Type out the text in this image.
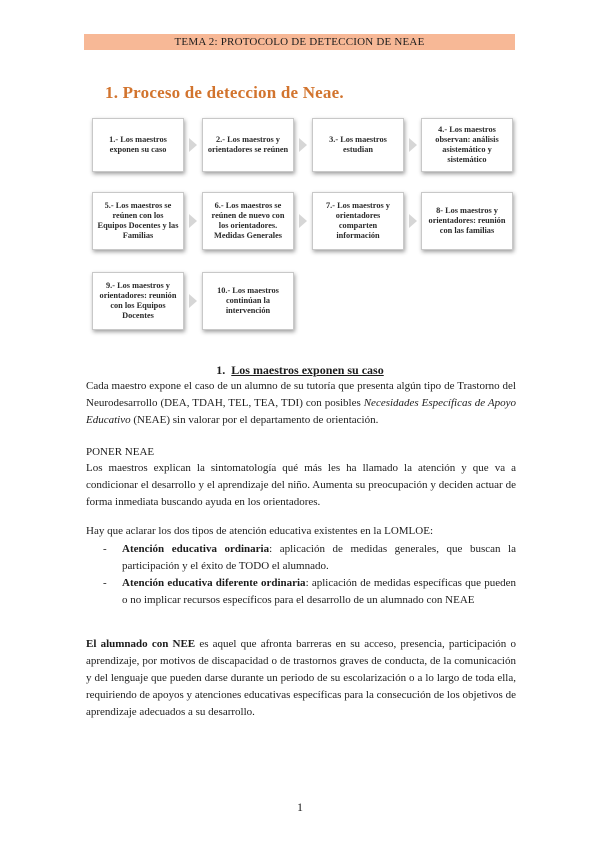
TEMA 2: PROTOCOLO DE DETECCION DE NEAE
1. Proceso de deteccion de Neae.
1.- Los maestros exponen su caso
2.- Los maestros y orientadores se reúnen
3.- Los maestros estudian
4.- Los maestros observan: análisis asistemático y sistemático
5.- Los maestros se reúnen con los Equipos Docentes y las Familias
6.- Los maestros se reúnen de nuevo con los orientadores. Medidas Generales
7.- Los maestros y orientadores comparten información
8- Los maestros y orientadores: reunión con las familias
9.- Los maestros y orientadores: reunión con los Equipos Docentes
10.- Los maestros continúan la intervención
1. Los maestros exponen su caso
Cada maestro expone el caso de un alumno de su tutoría que presenta algún tipo de Trastorno del Neurodesarrollo (DEA, TDAH, TEL, TEA, TDI) con posibles Necesidades Específicas de Apoyo Educativo (NEAE) sin valorar por el departamento de orientación.
PONER NEAE
Los maestros explican la sintomatología qué más les ha llamado la atención y que va a condicionar el desarrollo y el aprendizaje del niño. Aumenta su preocupación y deciden actuar de forma inmediata buscando ayuda en los orientadores.
Hay que aclarar los dos tipos de atención educativa existentes en la LOMLOE:
- Atención educativa ordinaria: aplicación de medidas generales, que buscan la participación y el éxito de TODO el alumnado.
- Atención educativa diferente ordinaria: aplicación de medidas específicas que pueden o no implicar recursos específicos para el desarrollo de un alumnado con NEAE
El alumnado con NEE es aquel que afronta barreras en su acceso, presencia, participación o aprendizaje, por motivos de discapacidad o de trastornos graves de conducta, de la comunicación y del lenguaje que pueden darse durante un periodo de su escolarización o a lo largo de toda ella, requiriendo de apoyos y atenciones educativas específicas para la consecución de los objetivos de aprendizaje adecuados a su desarrollo.
1
